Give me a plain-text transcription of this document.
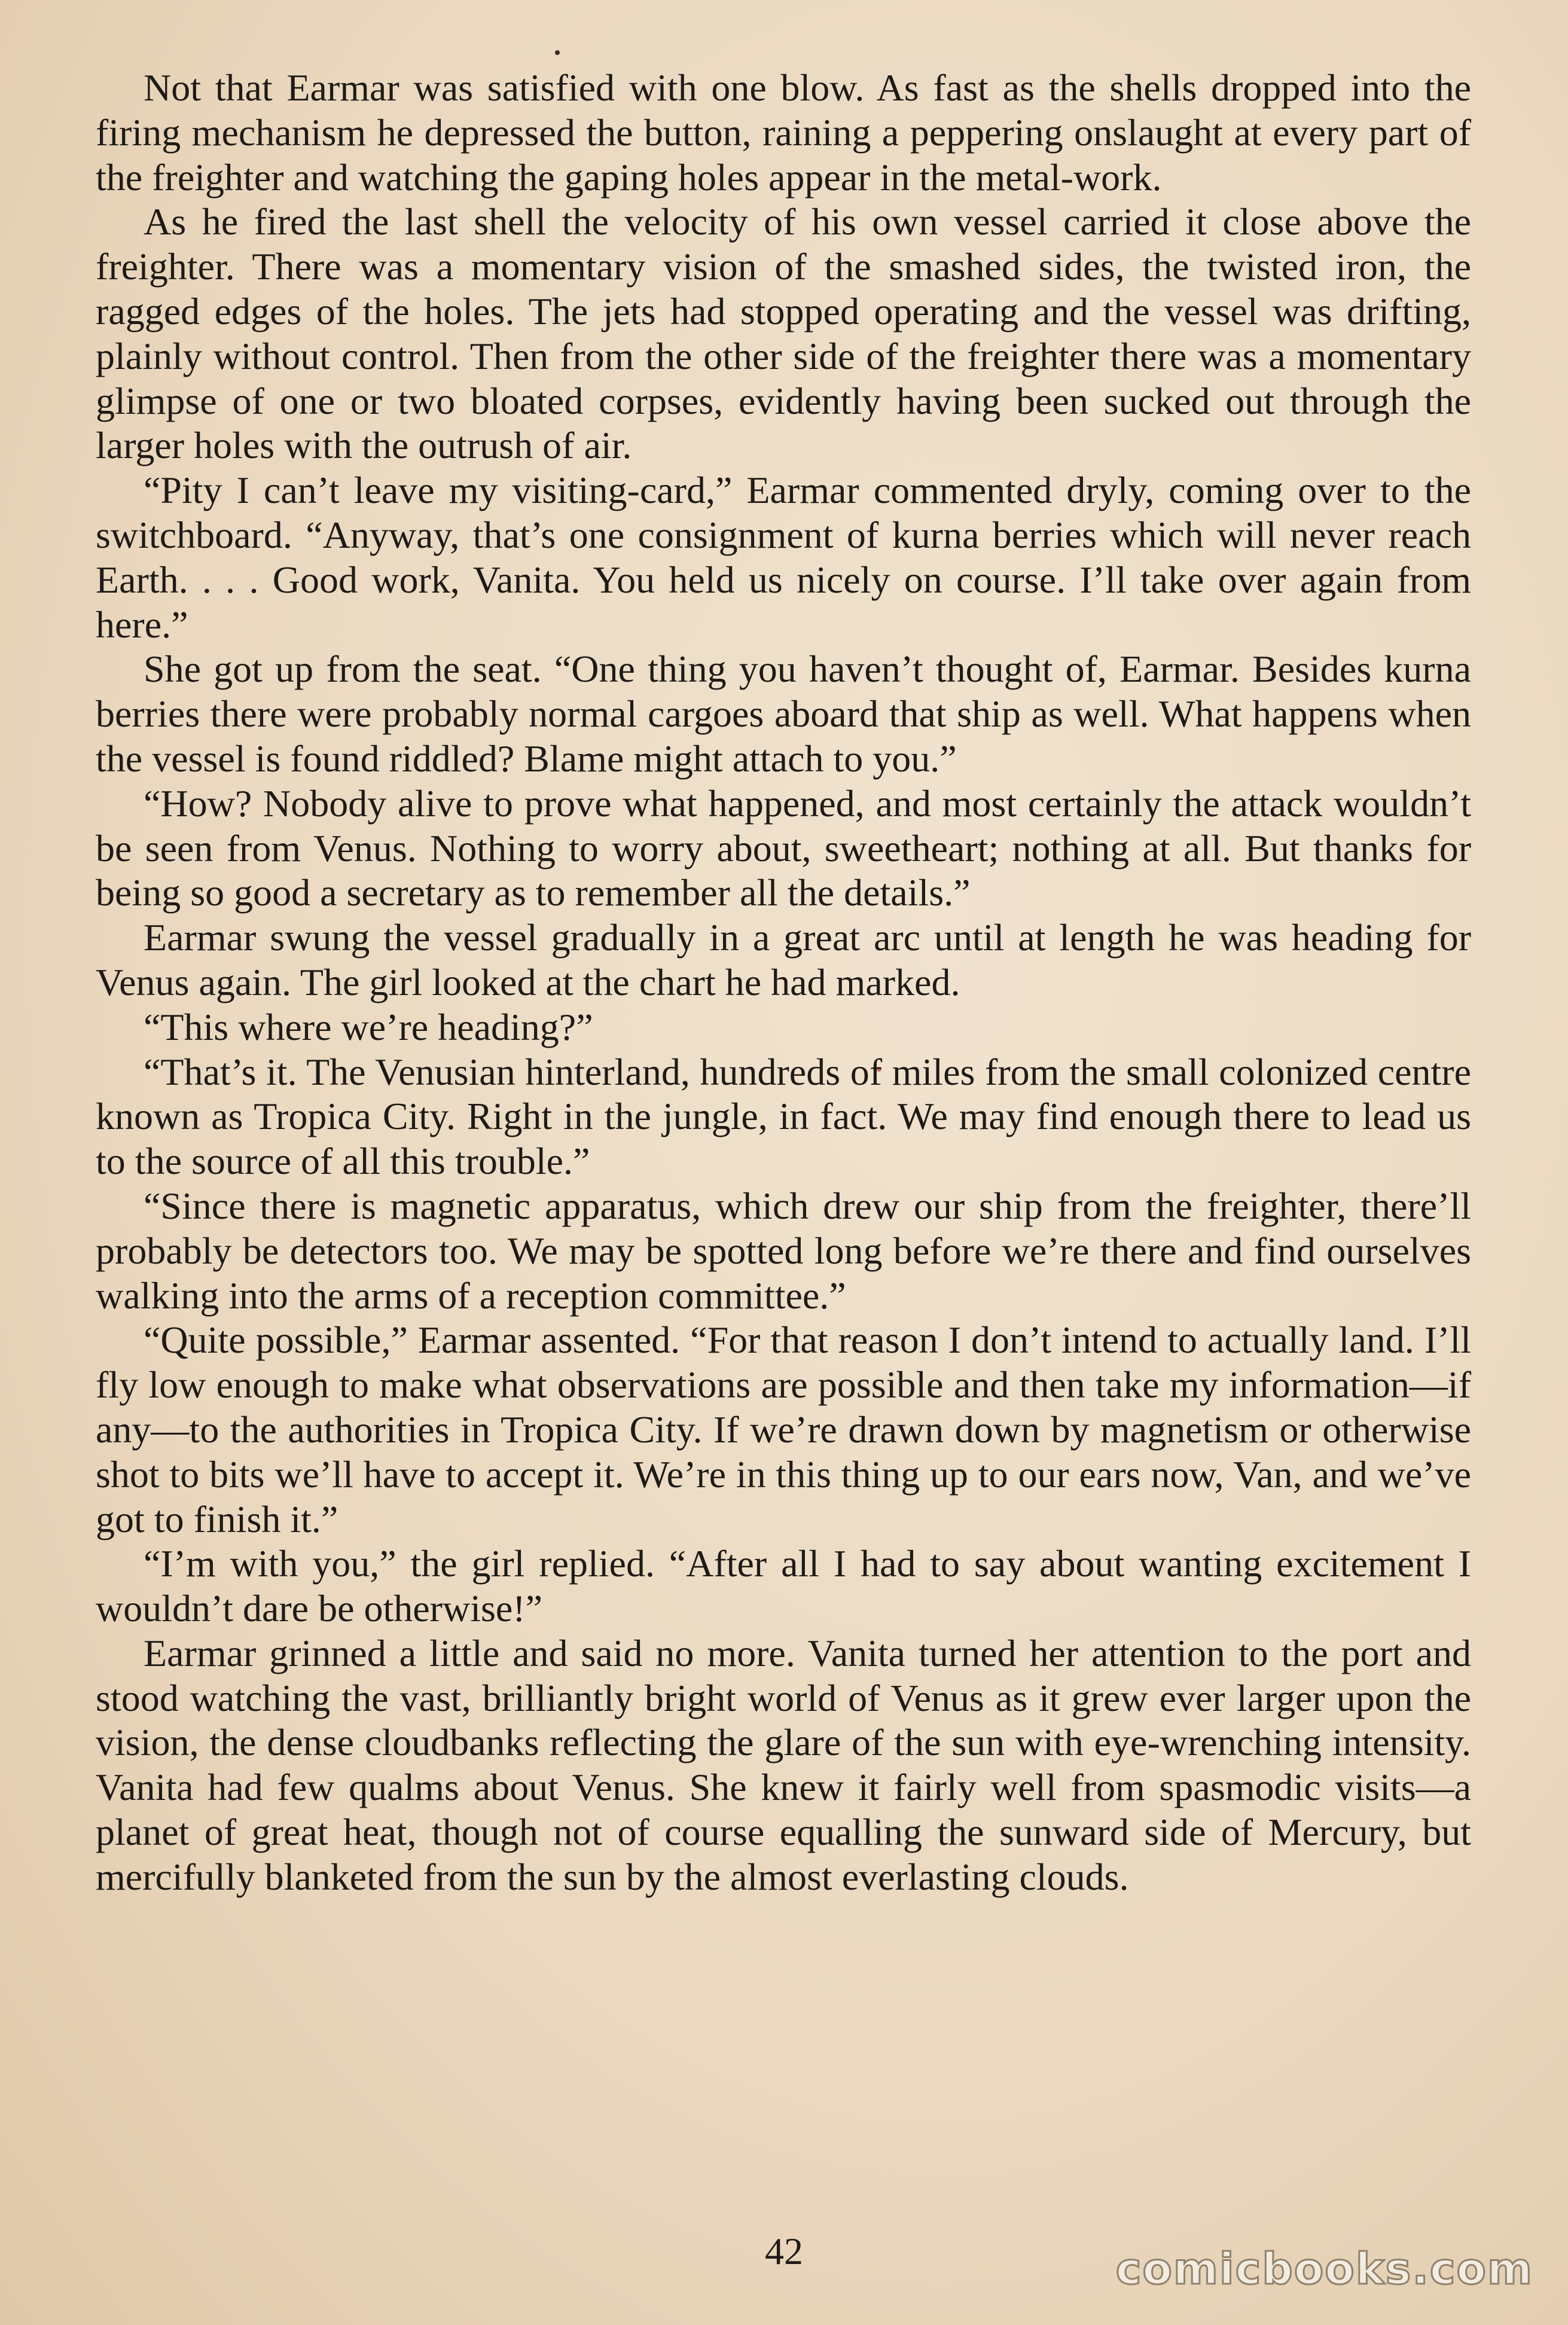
Not that Earmar was satisfied with one blow. As fast as the shells dropped into the firing mechanism he depressed the button, raining a peppering onslaught at every part of the freighter and watching the gaping holes appear in the metal-work.

As he fired the last shell the velocity of his own vessel carried it close above the freighter. There was a momentary vision of the smashed sides, the twisted iron, the ragged edges of the holes. The jets had stopped operating and the vessel was drifting, plainly without control. Then from the other side of the freighter there was a momentary glimpse of one or two bloated corpses, evidently having been sucked out through the larger holes with the outrush of air.

“Pity I can’t leave my visiting-card,” Earmar commented dryly, coming over to the switchboard. “Anyway, that’s one consignment of kurna berries which will never reach Earth. . . . Good work, Vanita. You held us nicely on course. I’ll take over again from here.”

She got up from the seat. “One thing you haven’t thought of, Earmar. Besides kurna berries there were probably normal cargoes aboard that ship as well. What happens when the vessel is found riddled? Blame might attach to you.”

“How? Nobody alive to prove what happened, and most certainly the attack wouldn’t be seen from Venus. Nothing to worry about, sweetheart; nothing at all. But thanks for being so good a secretary as to remember all the details.”

Earmar swung the vessel gradually in a great arc until at length he was heading for Venus again. The girl looked at the chart he had marked.

“This where we’re heading?”

“That’s it. The Venusian hinterland, hundreds of miles from the small colonized centre known as Tropica City. Right in the jungle, in fact. We may find enough there to lead us to the source of all this trouble.”

“Since there is magnetic apparatus, which drew our ship from the freighter, there’ll probably be detectors too. We may be spotted long before we’re there and find ourselves walking into the arms of a reception committee.”

“Quite possible,” Earmar assented. “For that reason I don’t intend to actually land. I’ll fly low enough to make what observations are possible and then take my information—if any—to the authorities in Tropica City. If we’re drawn down by magnetism or otherwise shot to bits we’ll have to accept it. We’re in this thing up to our ears now, Van, and we’ve got to finish it.”

“I’m with you,” the girl replied. “After all I had to say about wanting excitement I wouldn’t dare be otherwise!”

Earmar grinned a little and said no more. Vanita turned her attention to the port and stood watching the vast, brilliantly bright world of Venus as it grew ever larger upon the vision, the dense cloudbanks reflecting the glare of the sun with eye-wrenching intensity. Vanita had few qualms about Venus. She knew it fairly well from spasmodic visits—a planet of great heat, though not of course equalling the sunward side of Mercury, but mercifully blanketed from the sun by the almost everlasting clouds.

42	comicbooks.com
